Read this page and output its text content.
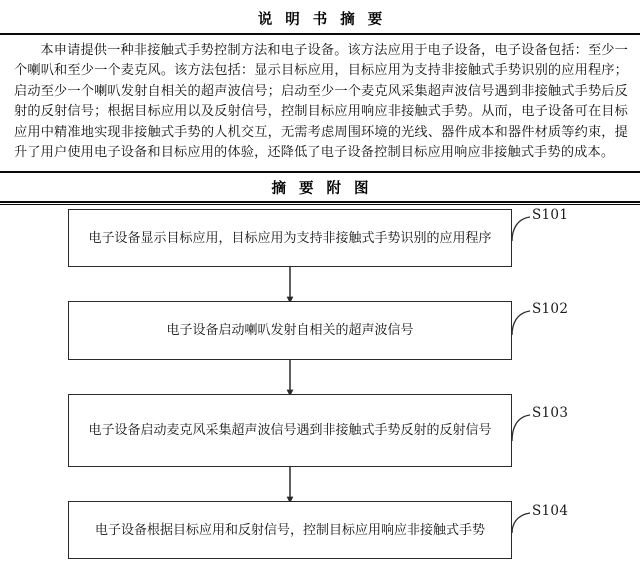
说明书摘要

本申请提供一种非接触式手势控制方法和电子设备。该方法应用于电子设备，电子设备包括：至少一个喇叭和至少一个麦克风。该方法包括：显示目标应用，目标应用为支持非接触式手势识别的应用程序；启动至少一个喇叭发射自相关的超声波信号；启动至少一个麦克风采集超声波信号遇到非接触式手势后反射的反射信号；根据目标应用以及反射信号，控制目标应用响应非接触式手势。从而，电子设备可在目标应用中精准地实现非接触式手势的人机交互，无需考虑周围环境的光线、器件成本和器件材质等约束，提升了用户使用电子设备和目标应用的体验，还降低了电子设备控制目标应用响应非接触式手势的成本。

摘要附图
电子设备显示目标应用，目标应用为支持非接触式手势识别的应用程序
S101
电子设备启动喇叭发射自相关的超声波信号
S102
电子设备启动麦克风采集超声波信号遇到非接触式手势反射的反射信号
S103
电子设备根据目标应用和反射信号，控制目标应用响应非接触式手势
S104
